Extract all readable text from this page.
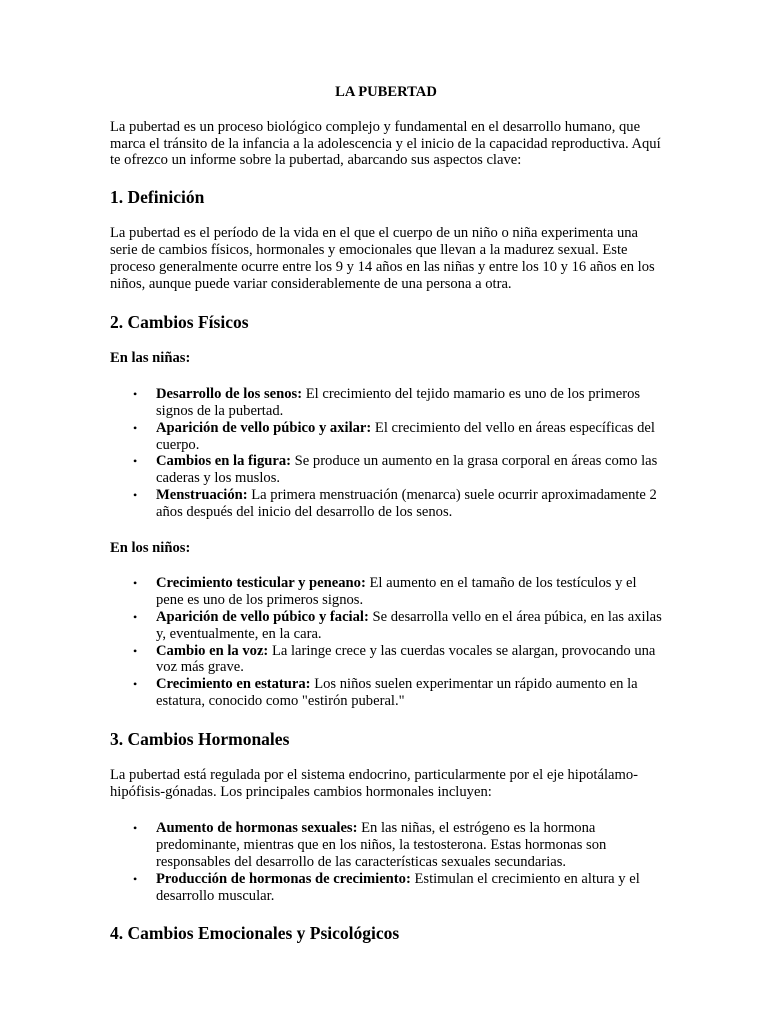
LA PUBERTAD

La pubertad es un proceso biológico complejo y fundamental en el desarrollo humano, que marca el tránsito de la infancia a la adolescencia y el inicio de la capacidad reproductiva. Aquí te ofrezco un informe sobre la pubertad, abarcando sus aspectos clave:

1. Definición

La pubertad es el período de la vida en el que el cuerpo de un niño o niña experimenta una serie de cambios físicos, hormonales y emocionales que llevan a la madurez sexual. Este proceso generalmente ocurre entre los 9 y 14 años en las niñas y entre los 10 y 16 años en los niños, aunque puede variar considerablemente de una persona a otra.

2. Cambios Físicos

En las niñas:

• Desarrollo de los senos: El crecimiento del tejido mamario es uno de los primeros signos de la pubertad.
• Aparición de vello púbico y axilar: El crecimiento del vello en áreas específicas del cuerpo.
• Cambios en la figura: Se produce un aumento en la grasa corporal en áreas como las caderas y los muslos.
• Menstruación: La primera menstruación (menarca) suele ocurrir aproximadamente 2 años después del inicio del desarrollo de los senos.

En los niños:

• Crecimiento testicular y peneano: El aumento en el tamaño de los testículos y el pene es uno de los primeros signos.
• Aparición de vello púbico y facial: Se desarrolla vello en el área púbica, en las axilas y, eventualmente, en la cara.
• Cambio en la voz: La laringe crece y las cuerdas vocales se alargan, provocando una voz más grave.
• Crecimiento en estatura: Los niños suelen experimentar un rápido aumento en la estatura, conocido como "estirón puberal."
3. Cambios Hormonales

La pubertad está regulada por el sistema endocrino, particularmente por el eje hipotálamo-hipófisis-gónadas. Los principales cambios hormonales incluyen:

• Aumento de hormonas sexuales: En las niñas, el estrógeno es la hormona predominante, mientras que en los niños, la testosterona. Estas hormonas son responsables del desarrollo de las características sexuales secundarias.
• Producción de hormonas de crecimiento: Estimulan el crecimiento en altura y el desarrollo muscular.
4. Cambios Emocionales y Psicológicos
